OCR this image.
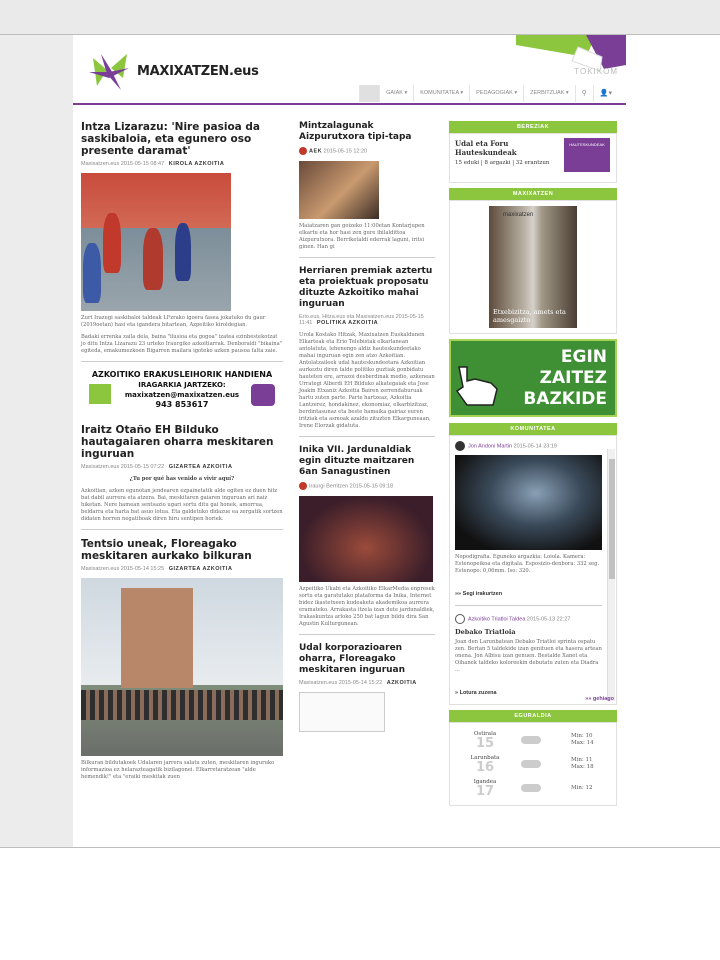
MAXIXATZEN.eus	TOKIKOM
GAIAK ▾	KOMUNITATEA ▾	PEDAGOGIAK ▾	ZERBITZUAK ▾	⚲	👤▾
Intza Lizarazu: 'Nire pasioa da saskibaloia, eta egunero oso presente daramat'
Maxixatzen.eus 2015-05-15 08:47 KIROLA AZKOITIA

Zurt Irazugi saskibaloi taldeak LFzrako igoera fasea jokatuko du gaur (2019oetan) hasi eta igandera bitartean, Azpeitiko kiroldegian.

Badaki errenka zaila dela, baina "ilusioa eta gogoa" izatea ezinbestekotzat jo ditu Intza Lizarazu 23 urteko Iraurgiko azkoitiarrak. Denboraldi "bikaina" egiteda, emakumezkoen Bigarren mailara igoteko azken pausoa falta zaie.

AZKOITIKO ERAKUSLEIHORIK HANDIENA
IRAGARKIA JARTZEKO:
maxixatzen@maxixatzen.eus
943 853617
Iraitz Otaño EH Bilduko hautagaiaren oharra meskitaren inguruan
Maxixatzen.eus 2015-05-15 07:22 GIZARTEA AZKOITIA

¿Tu por qué has venido a vivir aquí?

Azkoitian, azken egunotan jendearen ezpainetatik alde egiten ez duen hitz bat dabil aurrera eta atzera. Bai, meskitaren gaiaren inguruan ari naiz hiketan. Nere hamean sentsazio ugari sortu ditu gai honek, amorrua, beldarra eta harta bat asuo lotua. Eta galdetuko didazue ea zergatik sortzen didaten horren negatiboak diren hiru sentipen horiek.

Tentsio uneak, Floreagako meskitaren aurkako bilkuran
Maxixatzen.eus 2015-05-14 15:25 GIZARTEA AZKOITIA

Bilkuran bildutakoek Udalaren jarrera salatu zuten, meskitaren inguruko informazioa ez helarazteagatik bizilagonei. Elkarretaratzean "alde hemendik!" eta "eraiki meskitak zuen

Mintzalagunak Aizpurutxora tipi-tapa
AEK 2015-05-15 12:20

Maiatzaren gan goizeko 11:00etan Kontarjupen elkartu eta hor hasi zen gure ibilaldittoa Aizpurutxora. Berriketaldi ederrak laguni, iritsi ginen. Han gi

Herriaren premiak aztertu eta proiektuak proposatu dituzte Azkoitiko mahai inguruan
Erio.eus, Hitza.eus eta Maxixatzen.eus 2015-05-15 11:41 POLITIKA AZKOITIA

Urola Kostako Hitzak, Maxixatzen Euskaldunen Elkarteak eta Erio Telebistak elkarlanean antolatuta, lehenengo aldiz hauteskundeetako mahai inguruan egin zen atzo Azkoitian. Antolatzaileek udal hauteskundeetara Azkoitian aurkeztu diren talde politiko guztiak gonbidatu hauteten ere, arrazoi desberdinak medio, azkenean Urrategi Alberdi EH Bilduko alkategaiak eta Jose Joakin Etxaniz Azkoitia Bairen zerrendaburuak hartu zuten parte. Parte hartzeaz, Azkoitia Lantzerez, hondakinez, ekonomiaz, elkarbizitzaz, berdintasunaz eta beste hamaika gairiaz euren iritziak eta asmoak azaldu zituzten Elkarguneaan, Irene Elorzak gidatuta.

Inika VII. Jardunaldiak egin dituzte maitzaren 6an Sanagustinen
Iraurgi Berritzen 2015-05-15 09:18

Azpeitiko Ukabi eta Azkoitiko ElkarMedia enpresek sortu eta garatutako plataforma da Inika, Internet bidez ikastetxeen kudeaketa akademikoa aurrera eramateko. Arrakasta itzela izan dute jardunaldiek, Irakaskuntza arloko 250 bat lagun bildu dira San Agustin Kulturgunean.

Udal korporazioaren oharra, Floreagako meskitaren inguruan
Maxixatzen.eus 2015-05-14 15:22 AZKOITIA
BEREZIAK
Udal eta Foru Hauteskundeak
15 eduki | 8 argazki | 32 erantzun
HAUTESKUNDEAK
MAXIXATZEN
maxixatzen
Etxebizitza, amets eta amesgaizto
EGIN ZAITEZ BAZKIDE
KOMUNITATEA
Jon Andoni Martin 2015-05-14 23:19

Nopodigrafia. Eguneko argazkia: Loiola. Kamera: Estenopeikoa eta digitala. Esposizio-denbora: 332 seg. Estenopo: 0,06mm. Iso: 320.

»» Segi irakurtzen
Azkoitiko Triatloi Taldea 2015-05-13 22:27
Debako Triatloia

Joan den Larunbatean Debako Triatloi sprinta ospatu zen. Bertan 5 taldekide izan genituen eta hasera artean onena. Jon Albisu izan genuen. Bestalde Xanet eta Oihanek taldeko koloreekin debutatu zuten eta Diadra ...

» Lotura zuzena
»» gehiago
EGURALDIA
Ostirala
15	Min: 10
Max: 14
Larunbata
16	Min: 11
Max: 18
Igandea
17	Min: 12
